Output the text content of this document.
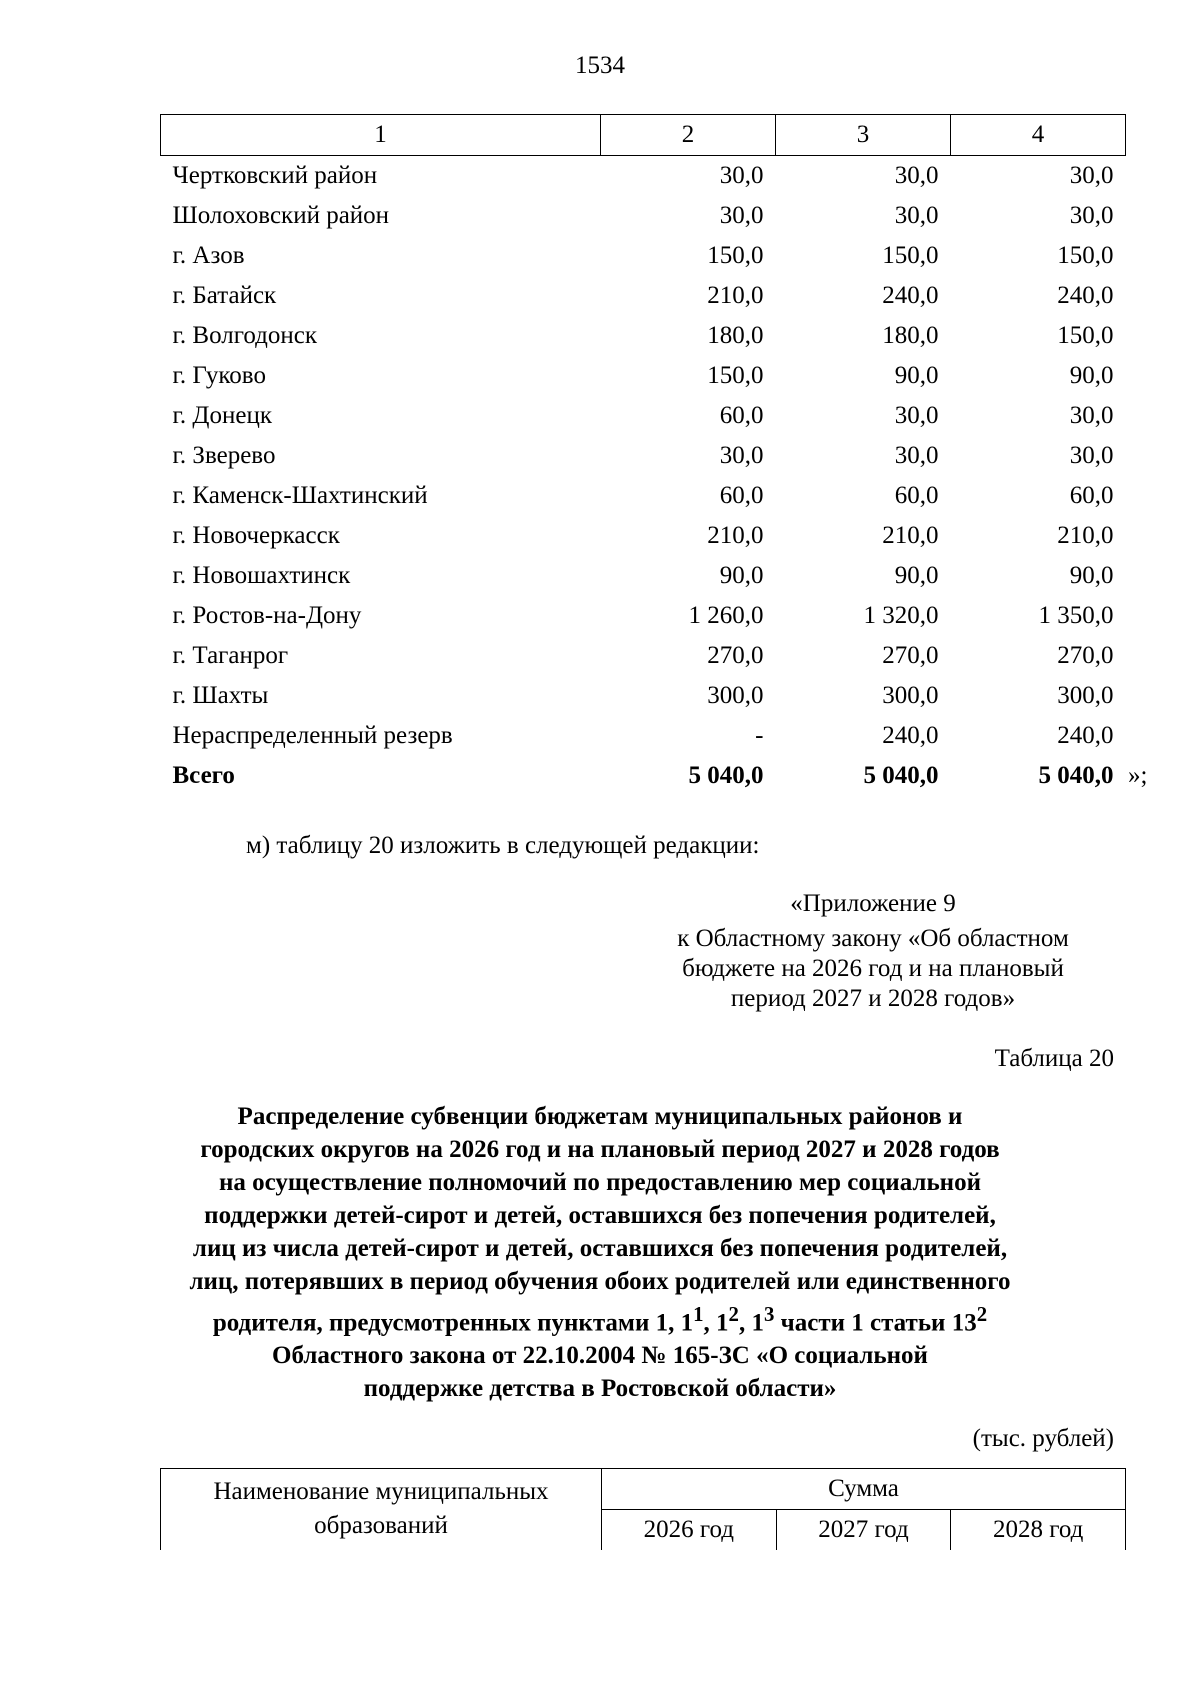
1534
1	2	3	4
Чертковский район	30,0	30,0	30,0
Шолоховский район	30,0	30,0	30,0
г. Азов	150,0	150,0	150,0
г. Батайск	210,0	240,0	240,0
г. Волгодонск	180,0	180,0	150,0
г. Гуково	150,0	90,0	90,0
г. Донецк	60,0	30,0	30,0
г. Зверево	30,0	30,0	30,0
г. Каменск-Шахтинский	60,0	60,0	60,0
г. Новочеркасск	210,0	210,0	210,0
г. Новошахтинск	90,0	90,0	90,0
г. Ростов-на-Дону	1 260,0	1 320,0	1 350,0
г. Таганрог	270,0	270,0	270,0
г. Шахты	300,0	300,0	300,0
Нераспределенный резерв	-	240,0	240,0
Всего	5 040,0	5 040,0	5 040,0 »;
м) таблицу 20 изложить в следующей редакции:
«Приложение 9
к Областному закону «Об областном
бюджете на 2026 год и на плановый
период 2027 и 2028 годов»
Таблица 20
Распределение субвенции бюджетам муниципальных районов и
городских округов на 2026 год и на плановый период 2027 и 2028 годов
на осуществление полномочий по предоставлению мер социальной
поддержки детей-сирот и детей, оставшихся без попечения родителей,
лиц из числа детей-сирот и детей, оставшихся без попечения родителей,
лиц, потерявших в период обучения обоих родителей или единственного
родителя, предусмотренных пунктами 1, $1^1$, $1^2$, $1^3$ части 1 статьи $13^2$
Областного закона от 22.10.2004 № 165-ЗС «О социальной
поддержке детства в Ростовской области»
(тыс. рублей)
Наименование муниципальных
образований	Сумма		
	2026 год	2027 год	2028 год
